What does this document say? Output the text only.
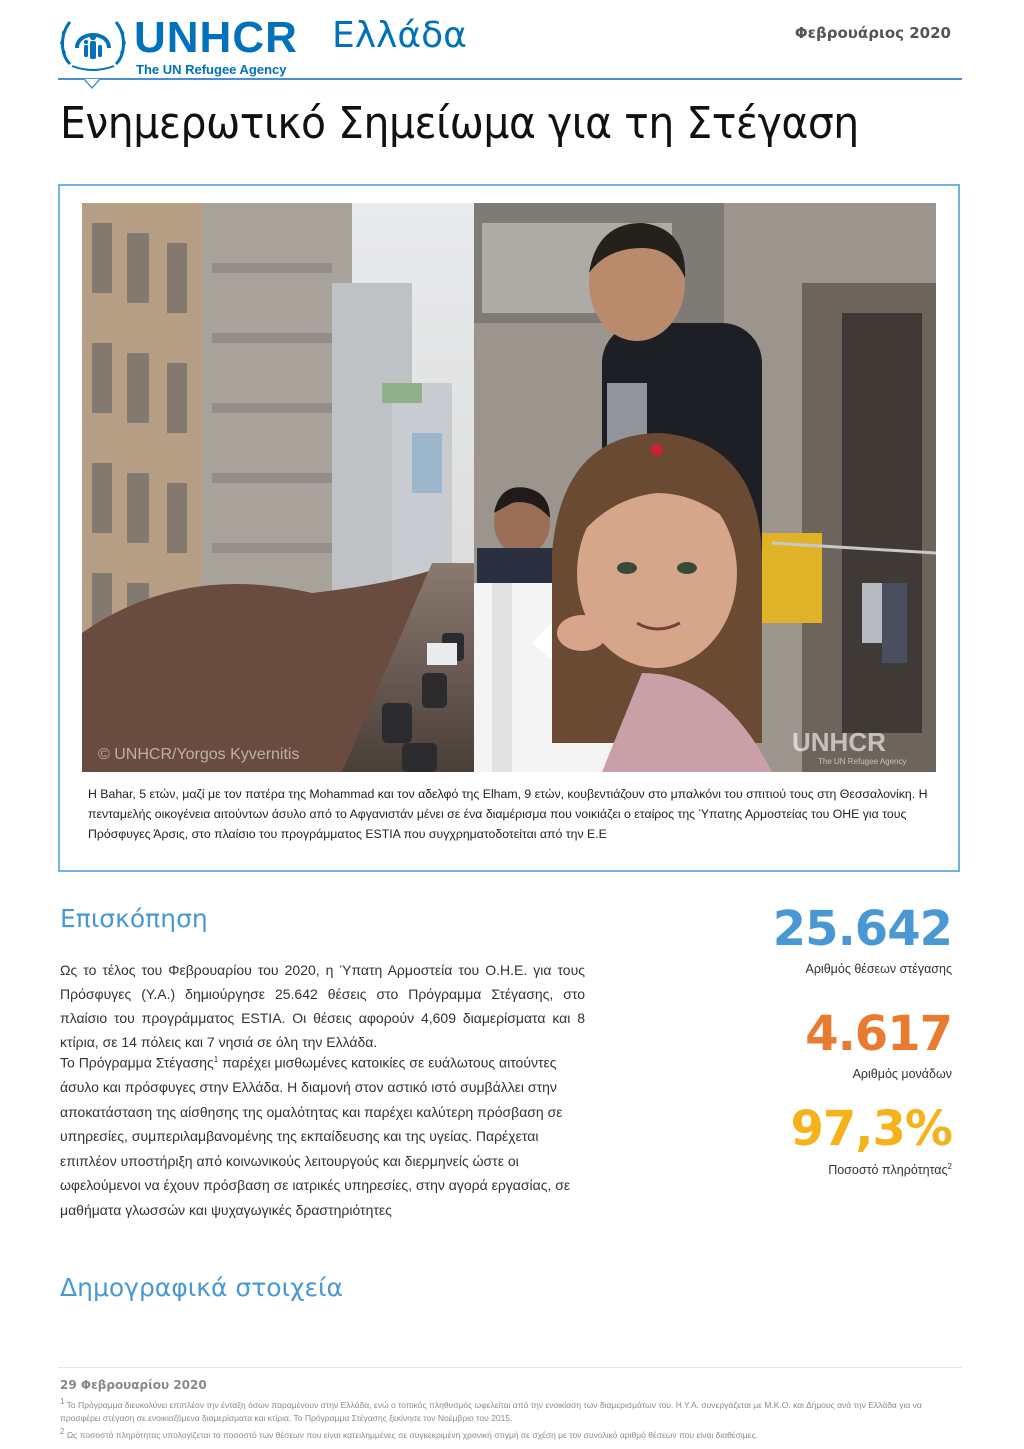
UNHCR
The UN Refugee Agency
Ελλάδα	Φεβρουάριος 2020
Ενημερωτικό Σημείωμα για τη Στέγαση
© UNHCR/Yorgos Kyvernitis	UNHCR
The UN Refugee Agency
Η Bahar, 5 ετών, μαζί με τον πατέρα της Mohammad και τον αδελφό της Elham, 9 ετών, κουβεντιάζουν στο μπαλκόνι του σπιτιού τους στη Θεσσαλονίκη. Η πενταμελής οικογένεια αιτούντων άσυλο από το Αφγανιστάν μένει σε ένα διαμέρισμα που νοικιάζει ο εταίρος της Ύπατης Αρμοστείας του ΟΗΕ για τους Πρόσφυγες Άρσις, στο πλαίσιο του προγράμματος ESTIA που συγχρηματοδοτείται από την Ε.Ε
Επισκόπηση
Ως το τέλος του Φεβρουαρίου του 2020, η Ύπατη Αρμοστεία του Ο.Η.Ε. για τους Πρόσφυγες (Υ.Α.) δημιούργησε 25.642 θέσεις στο Πρόγραμμα Στέγασης, στο πλαίσιο του προγράμματος ESTIA. Οι θέσεις αφορούν 4,609 διαμερίσματα και 8 κτίρια, σε 14 πόλεις και 7 νησιά σε όλη την Ελλάδα.
Το Πρόγραμμα Στέγασης$^1$ παρέχει μισθωμένες κατοικίες σε ευάλωτους αιτούντες άσυλο και πρόσφυγες στην Ελλάδα. Η διαμονή στον αστικό ιστό συμβάλλει στην αποκατάσταση της αίσθησης της ομαλότητας και παρέχει καλύτερη πρόσβαση σε υπηρεσίες, συμπεριλαμβανομένης της εκπαίδευσης και της υγείας. Παρέχεται επιπλέον υποστήριξη από κοινωνικούς λειτουργούς και διερμηνείς ώστε οι ωφελούμενοι να έχουν πρόσβαση σε ιατρικές υπηρεσίες, στην αγορά εργασίας, σε μαθήματα γλωσσών και ψυχαγωγικές δραστηριότητες
25.642
Αριθμός θέσεων στέγασης
4.617
Αριθμός μονάδων
97,3%
Ποσοστό πληρότητας$^2$
Δημογραφικά στοιχεία
29 Φεβρουαρίου 2020
$^1$ Το Πρόγραμμα διευκολύνει επιπλέον την ένταξη όσων παραμένουν στην Ελλάδα, ενώ ο τοπικός πληθυσμός ωφελείται από την ενοικίαση των διαμερισμάτων του. Η Υ.Α. συνεργάζεται με Μ.Κ.Ο. και Δήμους ανά την Ελλάδα για να προσφέρει στέγαση σε ενοικιαζόμενα διαμερίσματα και κτίρια. Το Πρόγραμμα Στέγασης ξεκίνησε τον Νοέμβριο του 2015.
$^2$ Ως ποσοστό πληρότητας υπολογίζεται το ποσοστό των θέσεων που είναι κατειλημμένες σε συγκεκριμένη χρονική στιγμή σε σχέση με τον συνολικό αριθμό θέσεων που είναι διαθέσιμες.
